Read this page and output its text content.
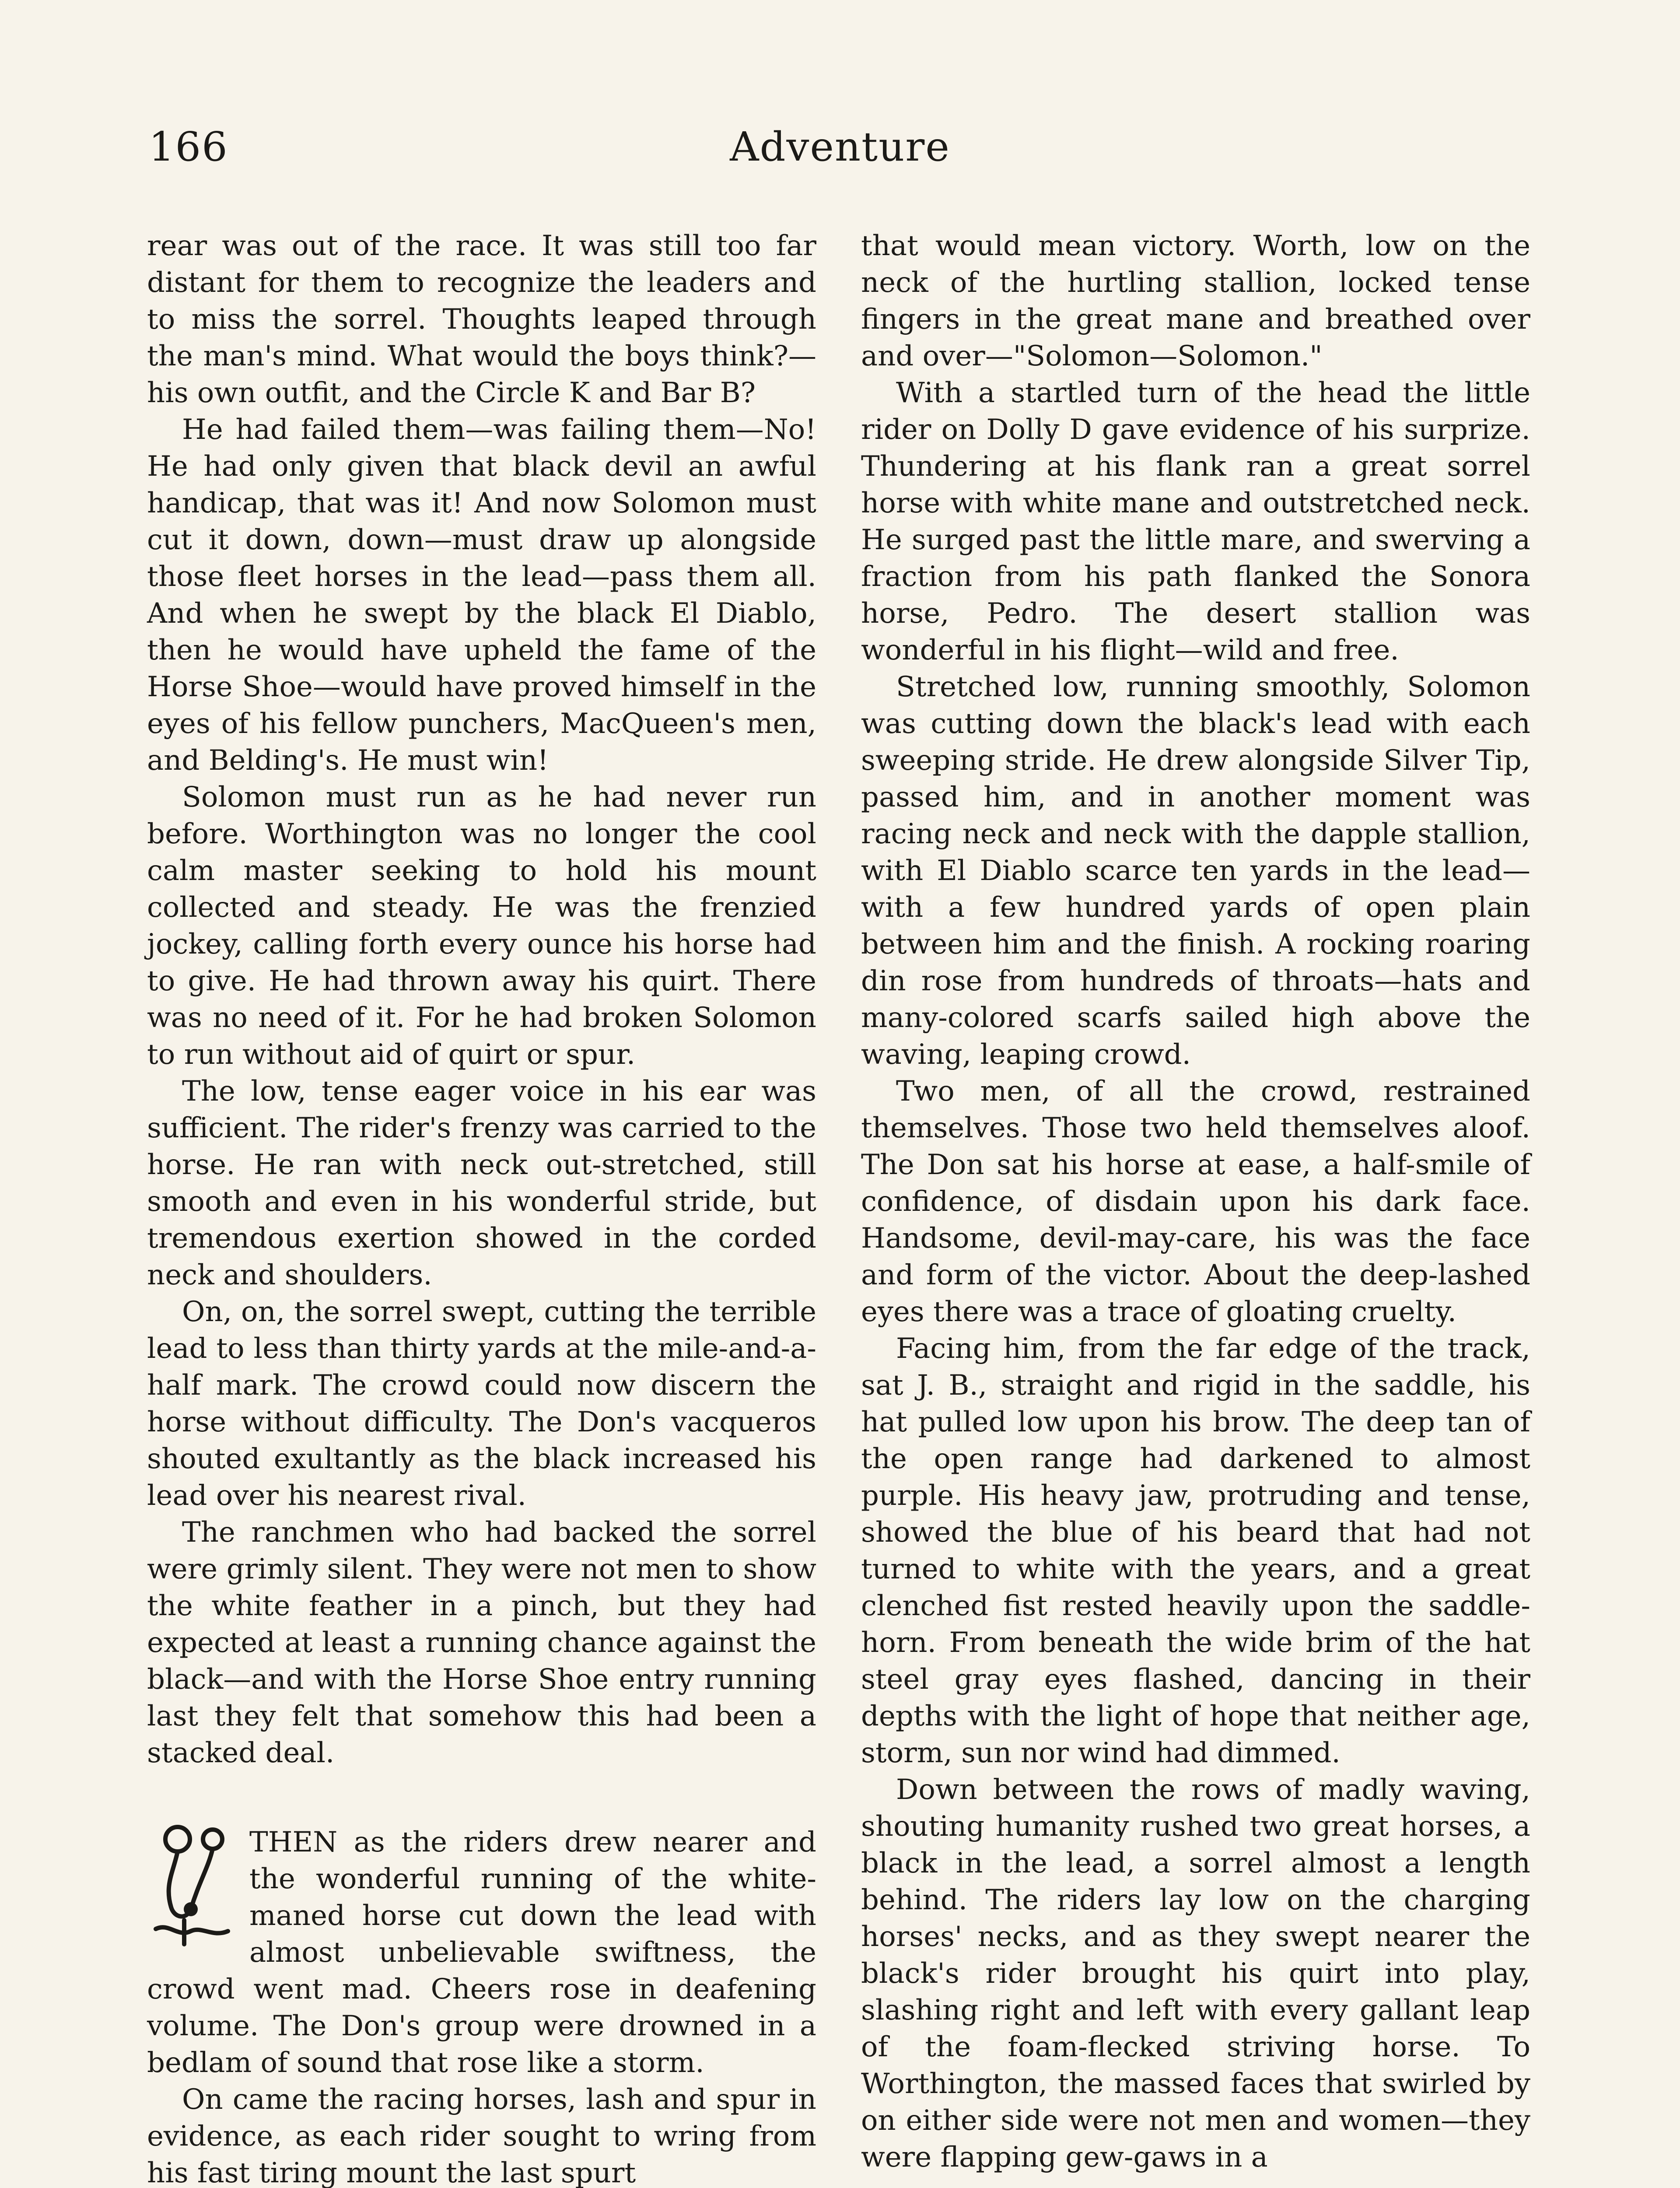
166	Adventure

rear was out of the race. It was still too far distant for them to recognize the leaders and to miss the sorrel. Thoughts leaped through the man's mind. What would the boys think?—his own outfit, and the Circle K and Bar B?

He had failed them—was failing them—No! He had only given that black devil an awful handicap, that was it! And now Solomon must cut it down, down—must draw up alongside those fleet horses in the lead—pass them all. And when he swept by the black El Diablo, then he would have upheld the fame of the Horse Shoe—would have proved himself in the eyes of his fellow punchers, MacQueen's men, and Belding's. He must win!

Solomon must run as he had never run before. Worthington was no longer the cool calm master seeking to hold his mount collected and steady. He was the frenzied jockey, calling forth every ounce his horse had to give. He had thrown away his quirt. There was no need of it. For he had broken Solomon to run without aid of quirt or spur.

The low, tense eager voice in his ear was sufficient. The rider's frenzy was carried to the horse. He ran with neck out-stretched, still smooth and even in his wonderful stride, but tremendous exertion showed in the corded neck and shoulders.

On, on, the sorrel swept, cutting the terrible lead to less than thirty yards at the mile-and-a-half mark. The crowd could now discern the horse without difficulty. The Don's vacqueros shouted exultantly as the black increased his lead over his nearest rival.

The ranchmen who had backed the sorrel were grimly silent. They were not men to show the white feather in a pinch, but they had expected at least a running chance against the black—and with the Horse Shoe entry running last they felt that somehow this had been a stacked deal.

THEN as the riders drew nearer and the wonderful running of the white-maned horse cut down the lead with almost unbelievable swiftness, the crowd went mad. Cheers rose in deafening volume. The Don's group were drowned in a bedlam of sound that rose like a storm.

On came the racing horses, lash and spur in evidence, as each rider sought to wring from his fast tiring mount the last spurt

that would mean victory. Worth, low on the neck of the hurtling stallion, locked tense fingers in the great mane and breathed over and over—"Solomon—Solomon."

With a startled turn of the head the little rider on Dolly D gave evidence of his surprize. Thundering at his flank ran a great sorrel horse with white mane and outstretched neck. He surged past the little mare, and swerving a fraction from his path flanked the Sonora horse, Pedro. The desert stallion was wonderful in his flight—wild and free.

Stretched low, running smoothly, Solomon was cutting down the black's lead with each sweeping stride. He drew alongside Silver Tip, passed him, and in another moment was racing neck and neck with the dapple stallion, with El Diablo scarce ten yards in the lead—with a few hundred yards of open plain between him and the finish. A rocking roaring din rose from hundreds of throats—hats and many-colored scarfs sailed high above the waving, leaping crowd.

Two men, of all the crowd, restrained themselves. Those two held themselves aloof. The Don sat his horse at ease, a half-smile of confidence, of disdain upon his dark face. Handsome, devil-may-care, his was the face and form of the victor. About the deep-lashed eyes there was a trace of gloating cruelty.

Facing him, from the far edge of the track, sat J. B., straight and rigid in the saddle, his hat pulled low upon his brow. The deep tan of the open range had darkened to almost purple. His heavy jaw, protruding and tense, showed the blue of his beard that had not turned to white with the years, and a great clenched fist rested heavily upon the saddle-horn. From beneath the wide brim of the hat steel gray eyes flashed, dancing in their depths with the light of hope that neither age, storm, sun nor wind had dimmed.

Down between the rows of madly waving, shouting humanity rushed two great horses, a black in the lead, a sorrel almost a length behind. The riders lay low on the charging horses' necks, and as they swept nearer the black's rider brought his quirt into play, slashing right and left with every gallant leap of the foam-flecked striving horse. To Worthington, the massed faces that swirled by on either side were not men and women—they were flapping gew-gaws in a
